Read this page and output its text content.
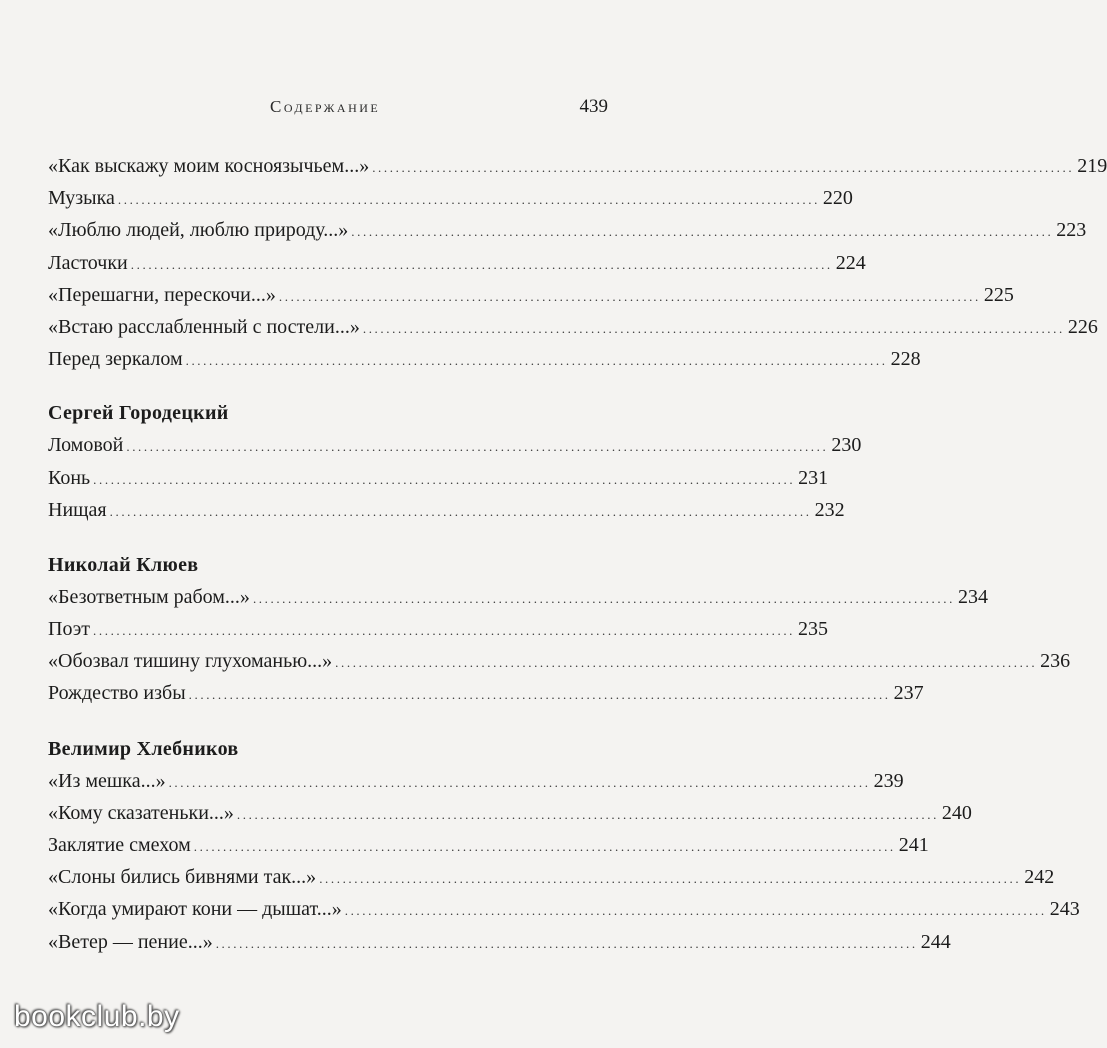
Содержание	439
«Как выскажу моим косноязычьем...» ........................................................................................................................ 219
Музыка ........................................................................................................................ 220
«Люблю людей, люблю природу...» ........................................................................................................................ 223
Ласточки ........................................................................................................................ 224
«Перешагни, перескочи...» ........................................................................................................................ 225
«Встаю расслабленный с постели...» ........................................................................................................................ 226
Перед зеркалом ........................................................................................................................ 228
Сергей Городецкий
Ломовой ........................................................................................................................ 230
Конь ........................................................................................................................ 231
Нищая ........................................................................................................................ 232
Николай Клюев
«Безответным рабом...» ........................................................................................................................ 234
Поэт ........................................................................................................................ 235
«Обозвал тишину глухоманью...» ........................................................................................................................ 236
Рождество избы ........................................................................................................................ 237
Велимир Хлебников
«Из мешка...» ........................................................................................................................ 239
«Кому сказатеньки...» ........................................................................................................................ 240
Заклятие смехом ........................................................................................................................ 241
«Слоны бились бивнями так...» ........................................................................................................................ 242
«Когда умирают кони — дышат...» ........................................................................................................................ 243
«Ветер — пение...» ........................................................................................................................ 244
bookclub.by
